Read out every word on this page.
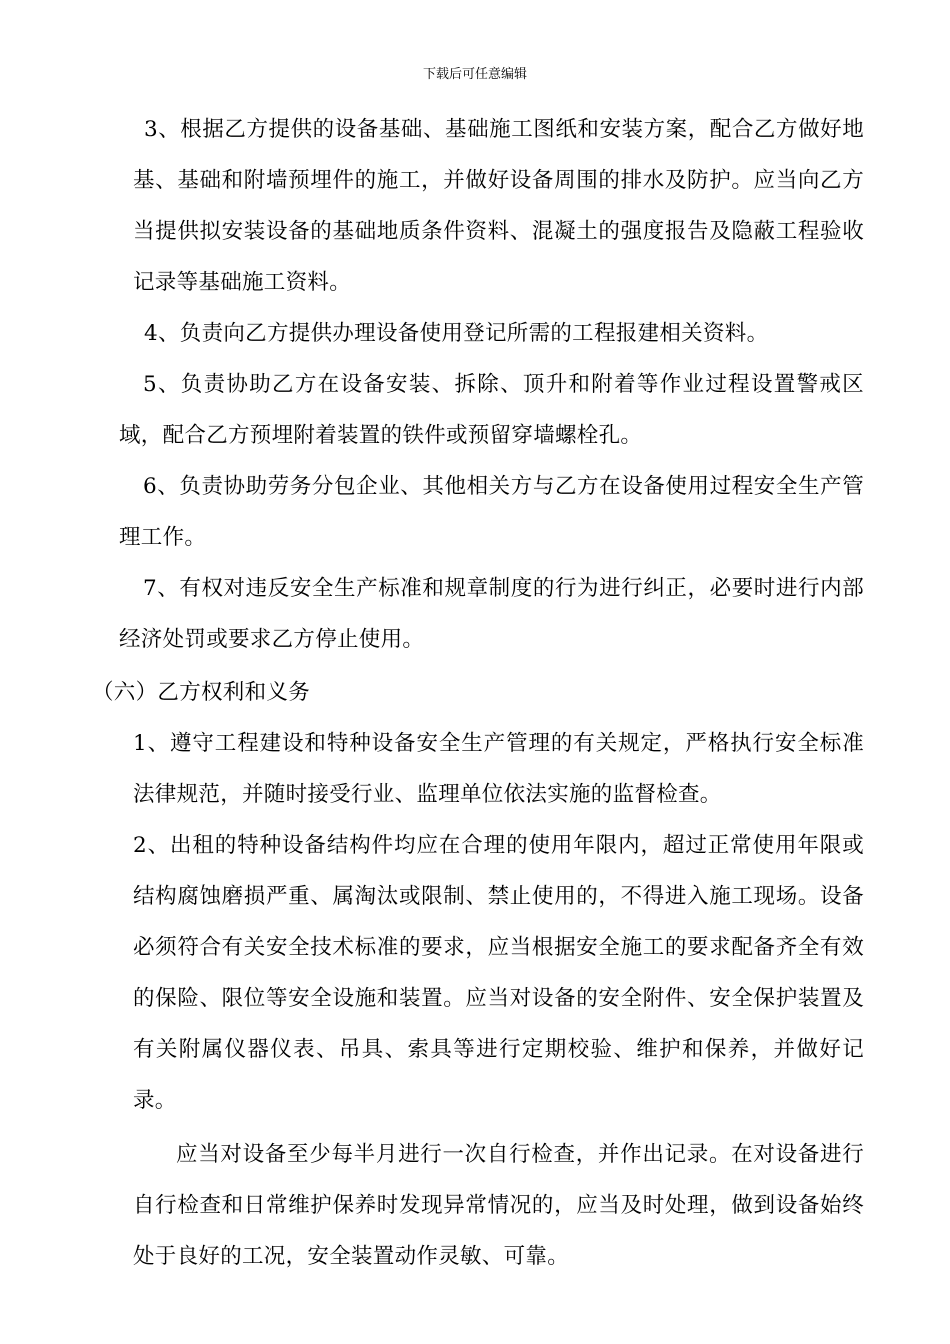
下载后可任意编辑

3、根据乙方提供的设备基础、基础施工图纸和安装方案，配合乙方做好地基、基础和附墙预埋件的施工，并做好设备周围的排水及防护。应当向乙方当提供拟安装设备的基础地质条件资料、混凝土的强度报告及隐蔽工程验收记录等基础施工资料。

4、负责向乙方提供办理设备使用登记所需的工程报建相关资料。

5、负责协助乙方在设备安装、拆除、顶升和附着等作业过程设置警戒区域，配合乙方预埋附着装置的铁件或预留穿墙螺栓孔。

6、负责协助劳务分包企业、其他相关方与乙方在设备使用过程安全生产管理工作。

7、有权对违反安全生产标准和规章制度的行为进行纠正，必要时进行内部经济处罚或要求乙方停止使用。

（六）乙方权利和义务

1、遵守工程建设和特种设备安全生产管理的有关规定，严格执行安全标准法律规范，并随时接受行业、监理单位依法实施的监督检查。

2、出租的特种设备结构件均应在合理的使用年限内，超过正常使用年限或结构腐蚀磨损严重、属淘汰或限制、禁止使用的，不得进入施工现场。设备必须符合有关安全技术标准的要求，应当根据安全施工的要求配备齐全有效的保险、限位等安全设施和装置。应当对设备的安全附件、安全保护装置及有关附属仪器仪表、吊具、索具等进行定期校验、维护和保养，并做好记录。

应当对设备至少每半月进行一次自行检查，并作出记录。在对设备进行自行检查和日常维护保养时发现异常情况的，应当及时处理，做到设备始终处于良好的工况，安全装置动作灵敏、可靠。
